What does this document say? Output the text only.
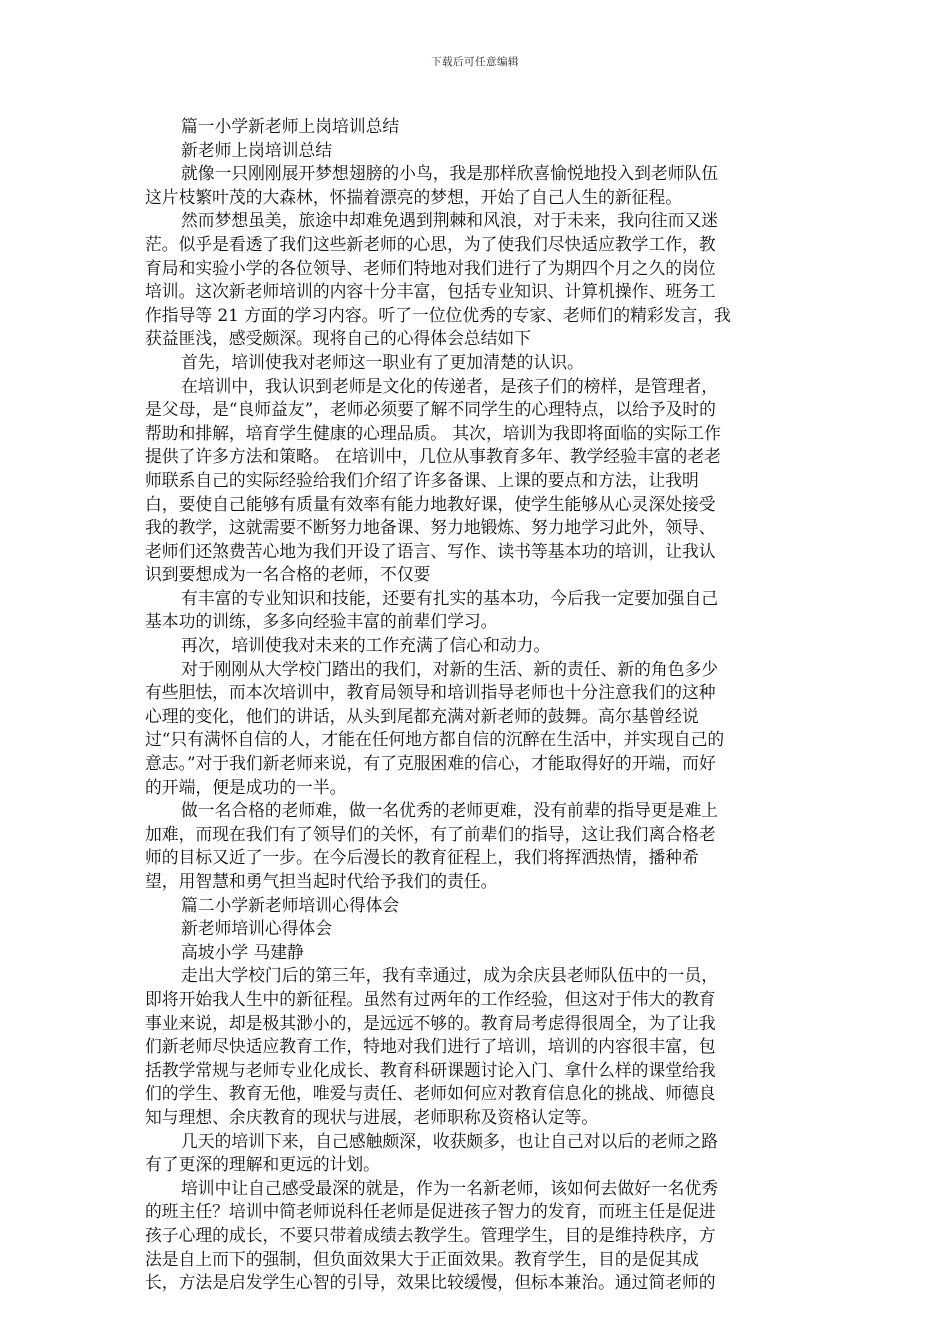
下载后可任意编辑
篇一小学新老师上岗培训总结
新老师上岗培训总结
就像一只刚刚展开梦想翅膀的小鸟，我是那样欣喜愉悦地投入到老师队伍
这片枝繁叶茂的大森林，怀揣着漂亮的梦想，开始了自己人生的新征程。
然而梦想虽美，旅途中却难免遇到荆棘和风浪，对于未来，我向往而又迷
茫。似乎是看透了我们这些新老师的心思，为了使我们尽快适应教学工作，教
育局和实验小学的各位领导、老师们特地对我们进行了为期四个月之久的岗位
培训。这次新老师培训的内容十分丰富，包括专业知识、计算机操作、班务工
作指导等 21 方面的学习内容。听了一位位优秀的专家、老师们的精彩发言，我
获益匪浅，感受颇深。现将自己的心得体会总结如下
首先，培训使我对老师这一职业有了更加清楚的认识。
在培训中，我认识到老师是文化的传递者，是孩子们的榜样，是管理者，
是父母，是“良师益友”，老师必须要了解不同学生的心理特点，以给予及时的
帮助和排解，培育学生健康的心理品质。 其次，培训为我即将面临的实际工作
提供了许多方法和策略。 在培训中，几位从事教育多年、教学经验丰富的老老
师联系自己的实际经验给我们介绍了许多备课、上课的要点和方法，让我明
白，要使自己能够有质量有效率有能力地教好课，使学生能够从心灵深处接受
我的教学，这就需要不断努力地备课、努力地锻炼、努力地学习此外，领导、
老师们还煞费苦心地为我们开设了语言、写作、读书等基本功的培训，让我认
识到要想成为一名合格的老师，不仅要
有丰富的专业知识和技能，还要有扎实的基本功，今后我一定要加强自己
基本功的训练，多多向经验丰富的前辈们学习。
再次，培训使我对未来的工作充满了信心和动力。
对于刚刚从大学校门踏出的我们，对新的生活、新的责任、新的角色多少
有些胆怯，而本次培训中，教育局领导和培训指导老师也十分注意我们的这种
心理的变化，他们的讲话，从头到尾都充满对新老师的鼓舞。高尔基曾经说
过“只有满怀自信的人，才能在任何地方都自信的沉醉在生活中，并实现自己的
意志。”对于我们新老师来说，有了克服困难的信心，才能取得好的开端，而好
的开端，便是成功的一半。
做一名合格的老师难，做一名优秀的老师更难，没有前辈的指导更是难上
加难，而现在我们有了领导们的关怀，有了前辈们的指导，这让我们离合格老
师的目标又近了一步。在今后漫长的教育征程上，我们将挥洒热情，播种希
望，用智慧和勇气担当起时代给予我们的责任。
篇二小学新老师培训心得体会
新老师培训心得体会
高坡小学 马建静
走出大学校门后的第三年，我有幸通过，成为余庆县老师队伍中的一员，
即将开始我人生中的新征程。虽然有过两年的工作经验，但这对于伟大的教育
事业来说，却是极其渺小的，是远远不够的。教育局考虑得很周全，为了让我
们新老师尽快适应教育工作，特地对我们进行了培训，培训的内容很丰富，包
括教学常规与老师专业化成长、教育科研课题讨论入门、拿什么样的课堂给我
们的学生、教育无他，唯爱与责任、老师如何应对教育信息化的挑战、师德良
知与理想、余庆教育的现状与进展，老师职称及资格认定等。
几天的培训下来，自己感触颇深，收获颇多，也让自己对以后的老师之路
有了更深的理解和更远的计划。
培训中让自己感受最深的就是，作为一名新老师，该如何去做好一名优秀
的班主任？培训中简老师说科任老师是促进孩子智力的发育，而班主任是促进
孩子心理的成长，不要只带着成绩去教学生。管理学生，目的是维持秩序，方
法是自上而下的强制，但负面效果大于正面效果。教育学生，目的是促其成
长，方法是启发学生心智的引导，效果比较缓慢，但标本兼治。通过简老师的
